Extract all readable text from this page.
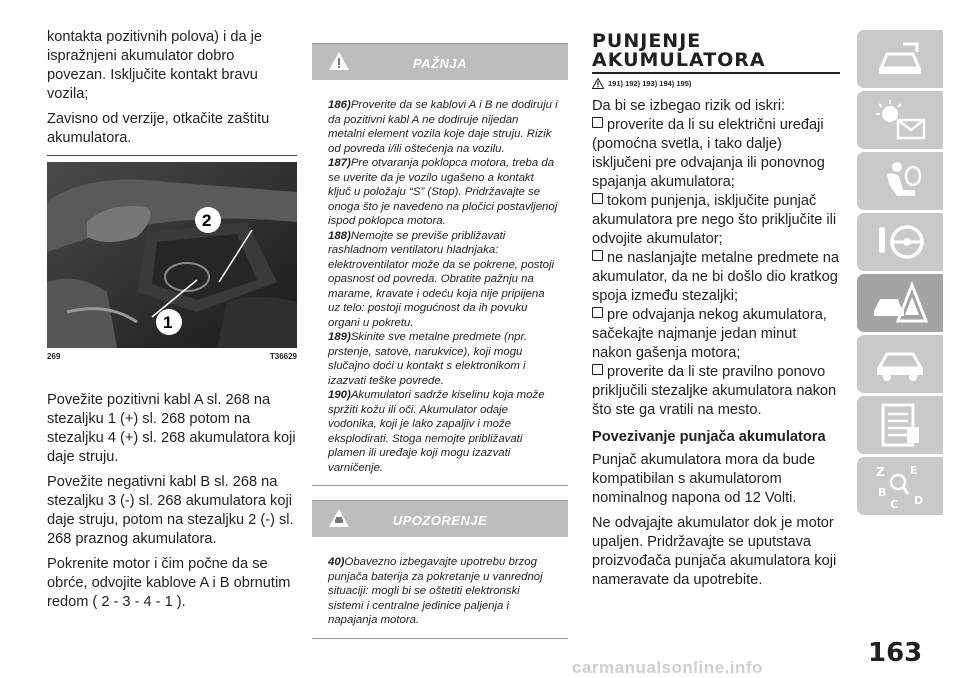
kontakta pozitivnih polova) i da je ispražnjeni akumulator dobro povezan. Isključite kontakt bravu vozila;

Zavisno od verzije, otkačite zaštitu akumulatora.

1
2
269	T36629

Povežite pozitivni kabl A sl. 268 na stezaljku 1 (+) sl. 268 potom na stezaljku 4 (+) sl. 268 akumulatora koji daje struju.

Povežite negativni kabl B sl. 268 na stezaljku 3 (-) sl. 268 akumulatora koji daje struju, potom na stezaljku 2 (-) sl. 268 praznog akumulatora.

Pokrenite motor i čim počne da se obrće, odvojite kablove A i B obrnutim redom ( 2 - 3 - 4 - 1 ).

PAŽNJA

186)Proverite da se kablovi A i B ne dodiruju i da pozitivni kabl A ne dodiruje nijedan metalni element vozila koje daje struju. Rizik od povreda i/ili oštećenja na vozilu.

187)Pre otvaranja poklopca motora, treba da se uverite da je vozilo ugašeno a kontakt ključ u položaju “S” (Stop). Pridržavajte se onoga što je navedeno na pločici postavljenoj ispod poklopca motora.

188)Nemojte se previše približavati rashladnom ventilatoru hladnjaka: elektroventilator može da se pokrene, postoji opasnost od povreda. Obratite pažnju na marame, kravate i odeću koja nije pripijena uz telo: postoji mogućnost da ih povuku organi u pokretu.

189)Skinite sve metalne predmete (npr. prstenje, satove, narukvice), koji mogu slučajno doći u kontakt s elektronikom i izazvati teške povrede.

190)Akumulatori sadrže kiselinu koja može spržiti kožu ili oči. Akumulator odaje vodonika, koji je lako zapaljiv i može eksplodirati. Stoga nemojte približavati plamen ili uređaje koji mogu izazvati varničenje.

UPOZORENJE

40)Obavezno izbegavajte upotrebu brzog punjača baterija za pokretanje u vanrednoj situaciji: mogli bi se oštetiti elektronski sistemi i centralne jedinice paljenja i napajanja motora.

PUNJENJE
AKUMULATORA
191) 192) 193) 194) 195)

Da bi se izbegao rizik od iskri:

proverite da li su električni uređaji (pomoćna svetla, i tako dalje) isključeni pre odvajanja ili ponovnog spajanja akumulatora;

tokom punjenja, isključite punjač akumulatora pre nego što priključite ili odvojite akumulator;

ne naslanjajte metalne predmete na akumulator, da ne bi došlo dio kratkog spoja između stezaljki;

pre odvajanja nekog akumulatora, sačekajte najmanje jedan minut nakon gašenja motora;

proverite da li ste pravilno ponovo priključili stezaljke akumulatora nakon što ste ga vratili na mesto.

Povezivanje punjača akumulatora

Punjač akumulatora mora da bude kompatibilan s akumulatorom nominalnog napona od 12 Volti.

Ne odvajajte akumulator dok je motor upaljen. Pridržavajte se uputstava proizvođača punjača akumulatora koji nameravate da upotrebite.

Z E
B
C D
163
carmanualsonline.info
